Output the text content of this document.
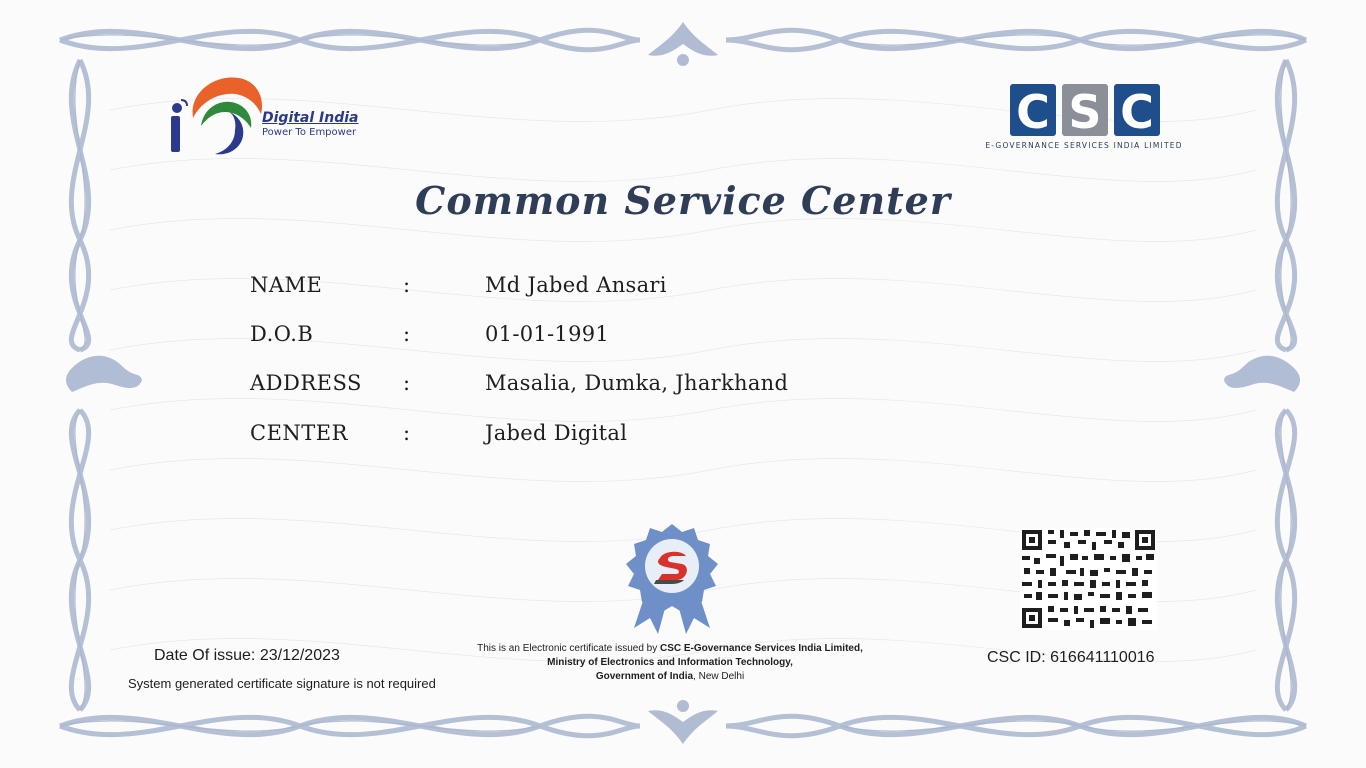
Digital India
Power To Empower	C S C
E-GOVERNANCE SERVICES INDIA LIMITED
Common Service Center
NAME	:	Md Jabed Ansari
D.O.B	:	01-01-1991
ADDRESS :	Masalia, Dumka, Jharkhand
CENTER	:	Jabed Digital
Date Of issue: 23/12/2023
System generated certificate signature is not required
This is an Electronic certificate issued by CSC E-Governance Services India Limited,
Ministry of Electronics and Information Technology,
Government of India, New Delhi
CSC ID: 616641110016
